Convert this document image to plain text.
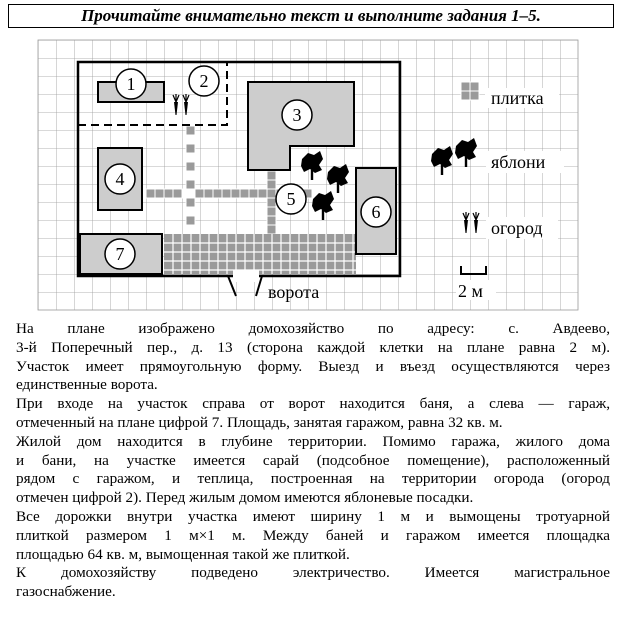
Прочитайте внимательно текст и выполните задания 1–5.
1	2
3
4
5
6
7
ворота
плитка
яблони
огород
2 м

На плане изображено домохозяйство по адресу: с. Авдеево,

3-й Поперечный пер., д. 13 (сторона каждой клетки на плане равна 2 м).

Участок имеет прямоугольную форму. Выезд и въезд осуществляются через

единственные ворота.

При входе на участок справа от ворот находится баня, а слева — гараж,

отмеченный на плане цифрой 7. Площадь, занятая гаражом, равна 32 кв. м.

Жилой дом находится в глубине территории. Помимо гаража, жилого дома

и бани, на участке имеется сарай (подсобное помещение), расположенный

рядом с гаражом, и теплица, построенная на территории огорода (огород

отмечен цифрой 2). Перед жилым домом имеются яблоневые посадки.

Все дорожки внутри участка имеют ширину 1 м и вымощены тротуарной

плиткой размером 1 м×1 м. Между баней и гаражом имеется площадка

площадью 64 кв. м, вымощенная такой же плиткой.

К домохозяйству подведено электричество. Имеется магистральное

газоснабжение.
